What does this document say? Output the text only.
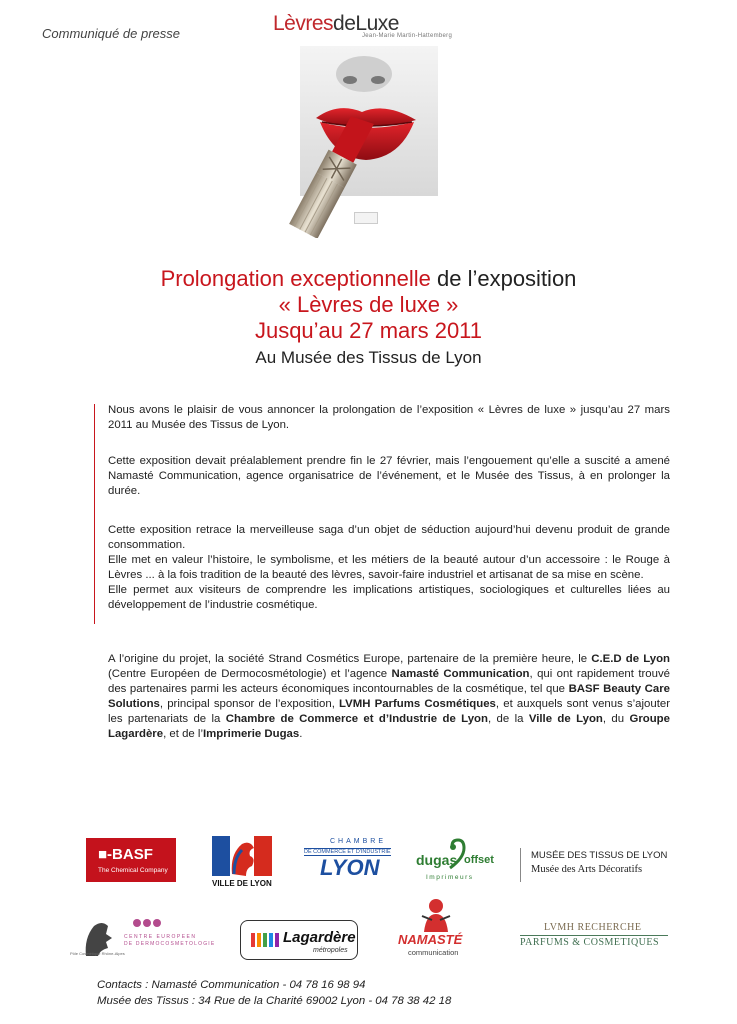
Communiqué de presse	LèvresdeLuxe
Jean-Marie Martin-Hattemberg
Prolongation exceptionnelle de l’exposition
« Lèvres de luxe »
Jusqu’au 27 mars 2011
Au Musée des Tissus de Lyon

Nous avons le plaisir de vous annoncer la prolongation de l’exposition « Lèvres de luxe » jusqu’au 27 mars 2011 au Musée des Tissus de Lyon.

Cette exposition devait préalablement prendre fin le 27 février, mais l’engouement qu’elle a suscité a amené Namasté Communication, agence organisatrice de l’événement, et le Musée des Tissus, à en prolonger la durée.

Cette exposition retrace la merveilleuse saga d’un objet de séduction aujourd’hui devenu produit de grande consommation.

Elle met en valeur l’histoire, le symbolisme, et les métiers de la beauté autour d’un accessoire : le Rouge à Lèvres ... à la fois tradition de la beauté des lèvres, savoir-faire industriel et artisanat de sa mise en scène.

Elle permet aux visiteurs de comprendre les implications artistiques, sociologiques et culturelles liées au développement de l’industrie cosmétique.

A l’origine du projet, la société Strand Cosmétics Europe, partenaire de la première heure, le C.E.D de Lyon (Centre Européen de Dermocosmétologie) et l’agence Namasté Communication, qui ont rapidement trouvé des partenaires parmi les acteurs économiques incontournables de la cosmétique, tel que BASF Beauty Care Solutions, principal sponsor de l’exposition, LVMH Parfums Cosmétiques, et auxquels sont venus s’ajouter les partenariats de la Chambre de Commerce et d’Industrie de Lyon, de la Ville de Lyon, du Groupe Lagardère, et de l’Imprimerie Dugas.

■-BASF
The Chemical Company
VILLE DE LYON
CHAMBRE
DE COMMERCE ET D'INDUSTRIE
LYON	dugas offset
Imprimeurs
MUSÉE DES TISSUS DE LYON
Musée des Arts Décoratifs
CENTRE EUROPEEN
DE DERMOCOSMETOLOGIE
Pôle Cosmétique Rhône-Alpes
Lagardère
métropoles
NAMASTÉ
communication
LVMH RECHERCHE
PARFUMS & COSMETIQUES
Contacts : Namasté Communication - 04 78 16 98 94
Musée des Tissus : 34 Rue de la Charité 69002 Lyon - 04 78 38 42 18
